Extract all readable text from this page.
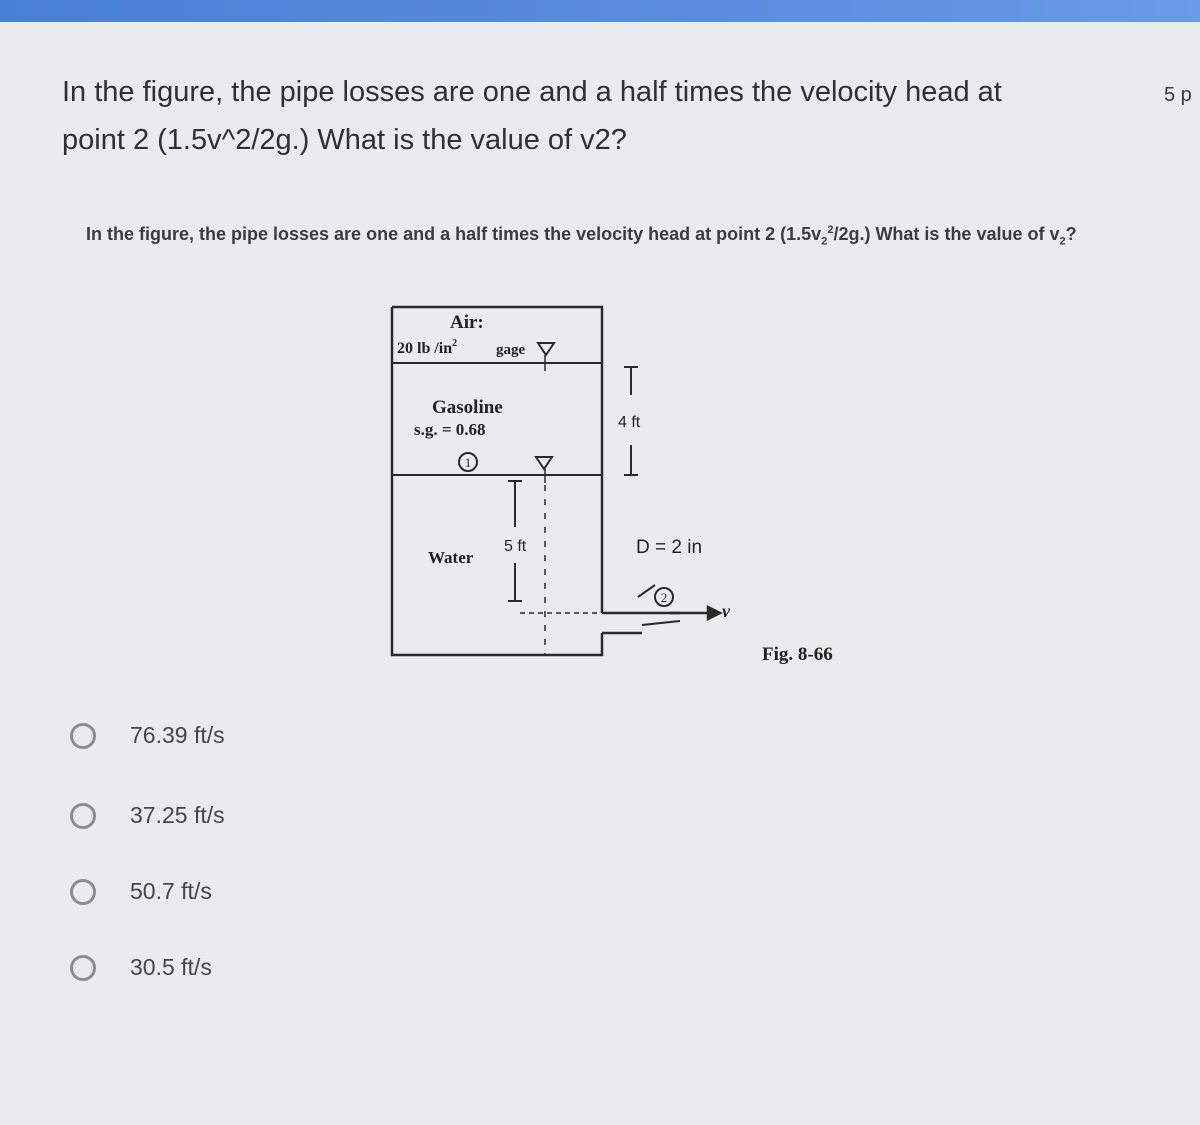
In the figure, the pipe losses are one and a half times the velocity head at
point 2 (1.5v^2/2g.) What is the value of v2?
5 p
In the figure, the pipe losses are one and a half times the velocity head at point 2 $(1.5v_2^2/2g.)$ What is the value of $v_2$?
1
2
v
Air:
20 lb $/in^2$	gage
Gasoline
s.g. = 0.68
Water
4 ft
5 ft	D = 2 in
Fig. 8-66
76.39 ft/s
37.25 ft/s
50.7 ft/s
30.5 ft/s
